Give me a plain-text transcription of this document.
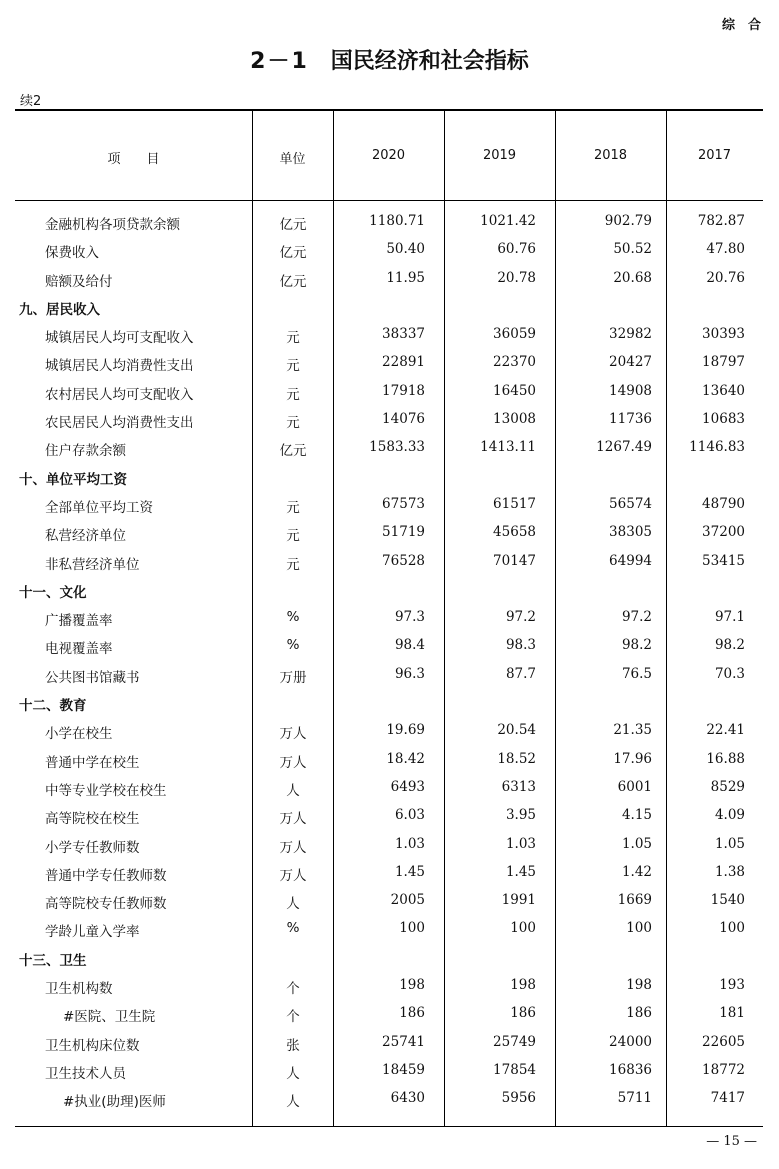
综　合
2－1 国民经济和社会指标
续2
项　　目	单位	2020	2019	2018	2017
金融机构各项贷款余额	亿元	1180.71	1021.42	902.79	782.87
保费收入	亿元	50.40	60.76	50.52	47.80
赔额及给付	亿元	11.95	20.78	20.68	20.76
九、居民收入
城镇居民人均可支配收入	元	38337	36059	32982	30393
城镇居民人均消费性支出	元	22891	22370	20427	18797
农村居民人均可支配收入	元	17918	16450	14908	13640
农民居民人均消费性支出	元	14076	13008	11736	10683
住户存款余额	亿元	1583.33	1413.11	1267.49	1146.83
十、单位平均工资
全部单位平均工资	元	67573	61517	56574	48790
私营经济单位	元	51719	45658	38305	37200
非私营经济单位	元	76528	70147	64994	53415
十一、文化
广播覆盖率	%	97.3	97.2	97.2	97.1
电视覆盖率	%	98.4	98.3	98.2	98.2
公共图书馆藏书	万册	96.3	87.7	76.5	70.3
十二、教育
小学在校生	万人	19.69	20.54	21.35	22.41
普通中学在校生	万人	18.42	18.52	17.96	16.88
中等专业学校在校生	人	6493	6313	6001	8529
高等院校在校生	万人	6.03	3.95	4.15	4.09
小学专任教师数	万人	1.03	1.03	1.05	1.05
普通中学专任教师数	万人	1.45	1.45	1.42	1.38
高等院校专任教师数	人	2005	1991	1669	1540
学龄儿童入学率	%	100	100	100	100
十三、卫生
卫生机构数	个	198	198	198	193
#医院、卫生院	个	186	186	186	181
卫生机构床位数	张	25741	25749	24000	22605
卫生技术人员	人	18459	17854	16836	18772
#执业(助理)医师	人	6430	5956	5711	7417
— 15 —
